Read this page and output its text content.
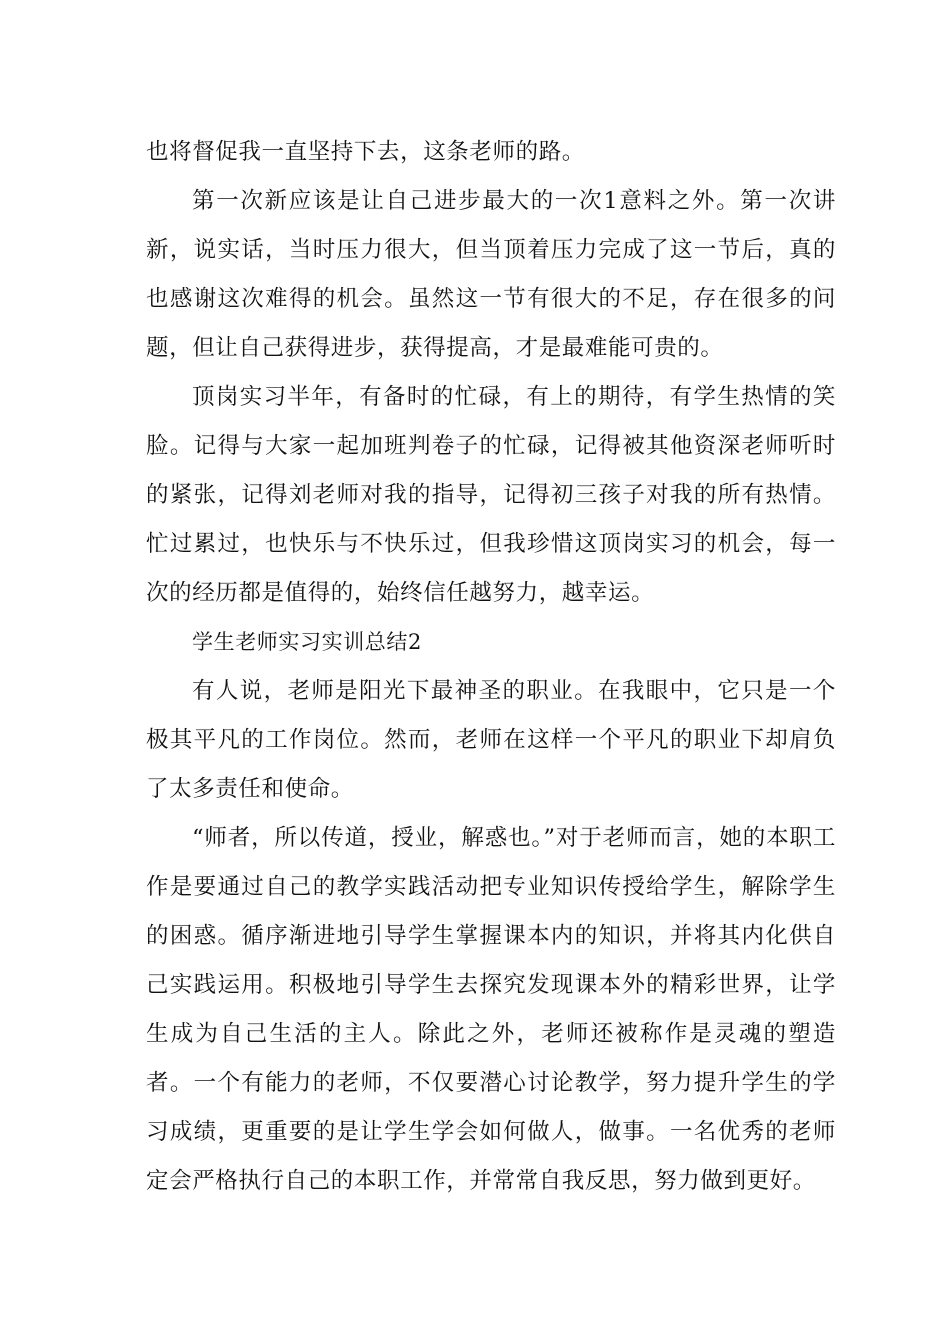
也将督促我一直坚持下去，这条老师的路。

第一次新应该是让自己进步最大的一次1意料之外。第一次讲新，说实话，当时压力很大，但当顶着压力完成了这一节后，真的也感谢这次难得的机会。虽然这一节有很大的不足，存在很多的问题，但让自己获得进步，获得提高，才是最难能可贵的。

顶岗实习半年，有备时的忙碌，有上的期待，有学生热情的笑脸。记得与大家一起加班判卷子的忙碌，记得被其他资深老师听时的紧张，记得刘老师对我的指导，记得初三孩子对我的所有热情。忙过累过，也快乐与不快乐过，但我珍惜这顶岗实习的机会，每一次的经历都是值得的，始终信任越努力，越幸运。

学生老师实习实训总结2

有人说，老师是阳光下最神圣的职业。在我眼中，它只是一个极其平凡的工作岗位。然而，老师在这样一个平凡的职业下却肩负了太多责任和使命。

“师者，所以传道，授业，解惑也。”对于老师而言，她的本职工作是要通过自己的教学实践活动把专业知识传授给学生，解除学生的困惑。循序渐进地引导学生掌握课本内的知识，并将其内化供自己实践运用。积极地引导学生去探究发现课本外的精彩世界，让学生成为自己生活的主人。除此之外，老师还被称作是灵魂的塑造者。一个有能力的老师，不仅要潜心讨论教学，努力提升学生的学习成绩，更重要的是让学生学会如何做人，做事。一名优秀的老师定会严格执行自己的本职工作，并常常自我反思，努力做到更好。
